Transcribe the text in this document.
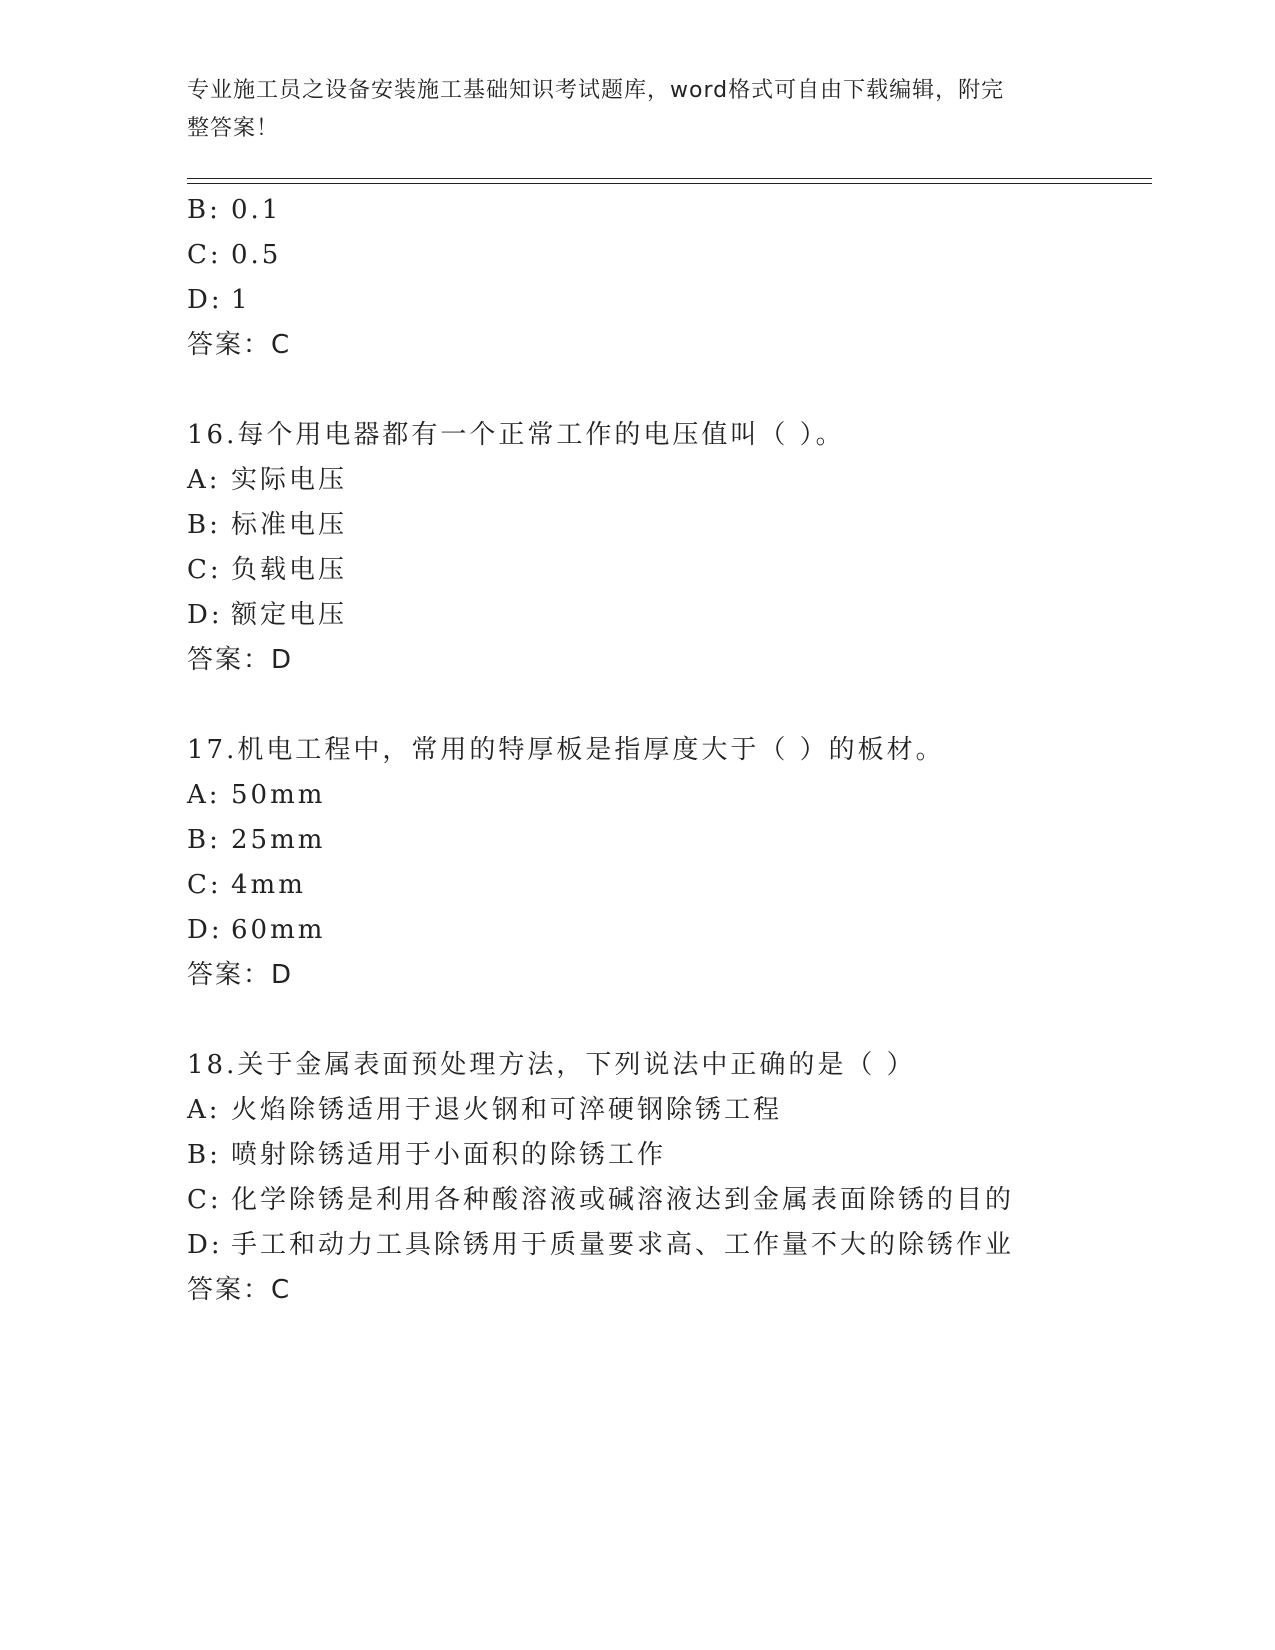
专业施工员之设备安装施工基础知识考试题库，word格式可自由下载编辑，附完
整答案！
B: 0.1
C: 0.5
D: 1
答案：C
16.每个用电器都有一个正常工作的电压值叫（ ）。
A: 实际电压
B: 标准电压
C: 负载电压
D: 额定电压
答案：D
17.机电工程中，常用的特厚板是指厚度大于（ ）的板材。
A: 50mm
B: 25mm
C: 4mm
D: 60mm
答案：D
18.关于金属表面预处理方法，下列说法中正确的是（ ）
A: 火焰除锈适用于退火钢和可淬硬钢除锈工程
B: 喷射除锈适用于小面积的除锈工作
C: 化学除锈是利用各种酸溶液或碱溶液达到金属表面除锈的目的
D: 手工和动力工具除锈用于质量要求高、工作量不大的除锈作业
答案：C
